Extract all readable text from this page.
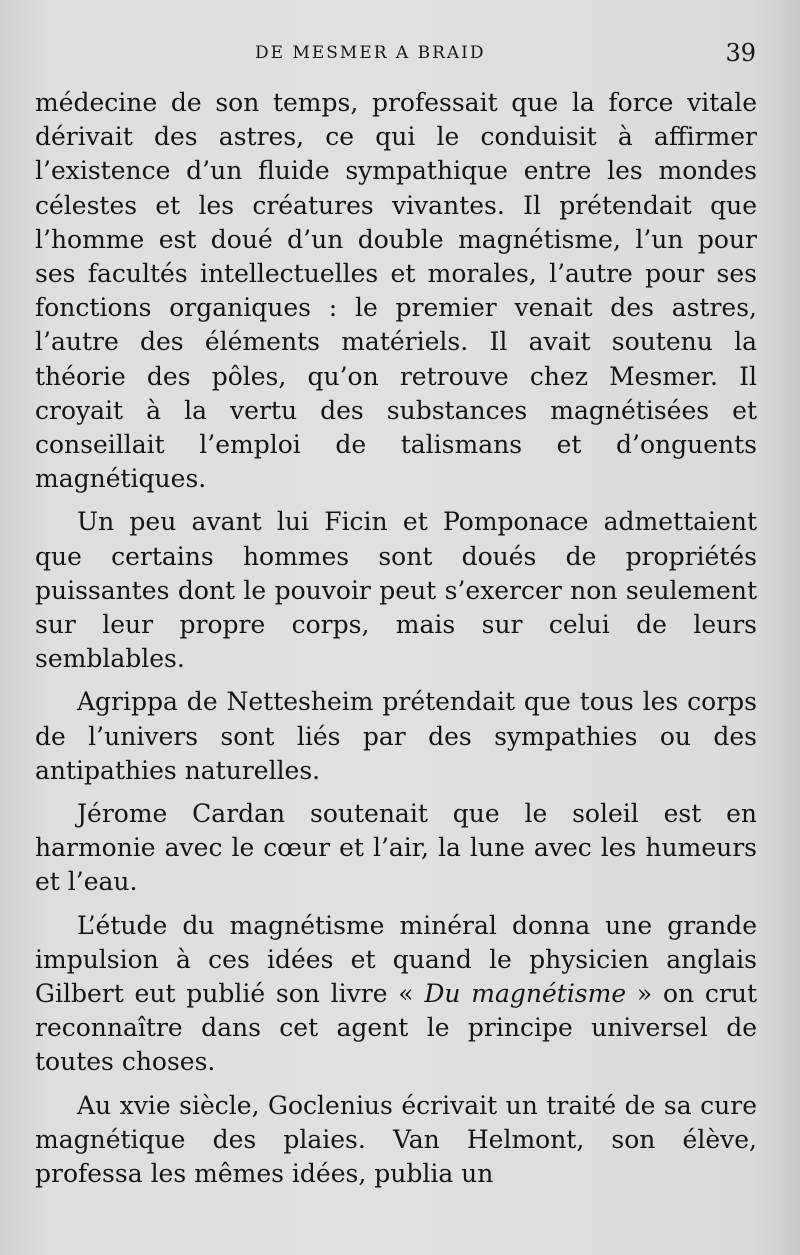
DE MESMER A BRAID	39

médecine de son temps, professait que la force vitale dérivait des astres, ce qui le conduisit à affirmer l’existence d’un fluide sympathique entre les mondes célestes et les créatures vivantes. Il prétendait que l’homme est doué d’un double magnétisme, l’un pour ses facultés intellectuelles et morales, l’autre pour ses fonctions organiques : le premier venait des astres, l’autre des éléments matériels. Il avait soutenu la théorie des pôles, qu’on retrouve chez Mesmer. Il croyait à la vertu des substances magnétisées et conseillait l’emploi de talismans et d’onguents magnétiques.

Un peu avant lui Ficin et Pomponace admettaient que certains hommes sont doués de propriétés puissantes dont le pouvoir peut s’exercer non seulement sur leur propre corps, mais sur celui de leurs semblables.

Agrippa de Nettesheim prétendait que tous les corps de l’univers sont liés par des sympathies ou des antipathies naturelles.

Jérome Cardan soutenait que le soleil est en harmonie avec le cœur et l’air, la lune avec les humeurs et l’eau.

L’étude du magnétisme minéral donna une grande impulsion à ces idées et quand le physicien anglais Gilbert eut publié son livre « Du magnétisme » on crut reconnaître dans cet agent le principe universel de toutes choses.

Au xvie siècle, Goclenius écrivait un traité de sa cure magnétique des plaies. Van Helmont, son élève, professa les mêmes idées, publia un
